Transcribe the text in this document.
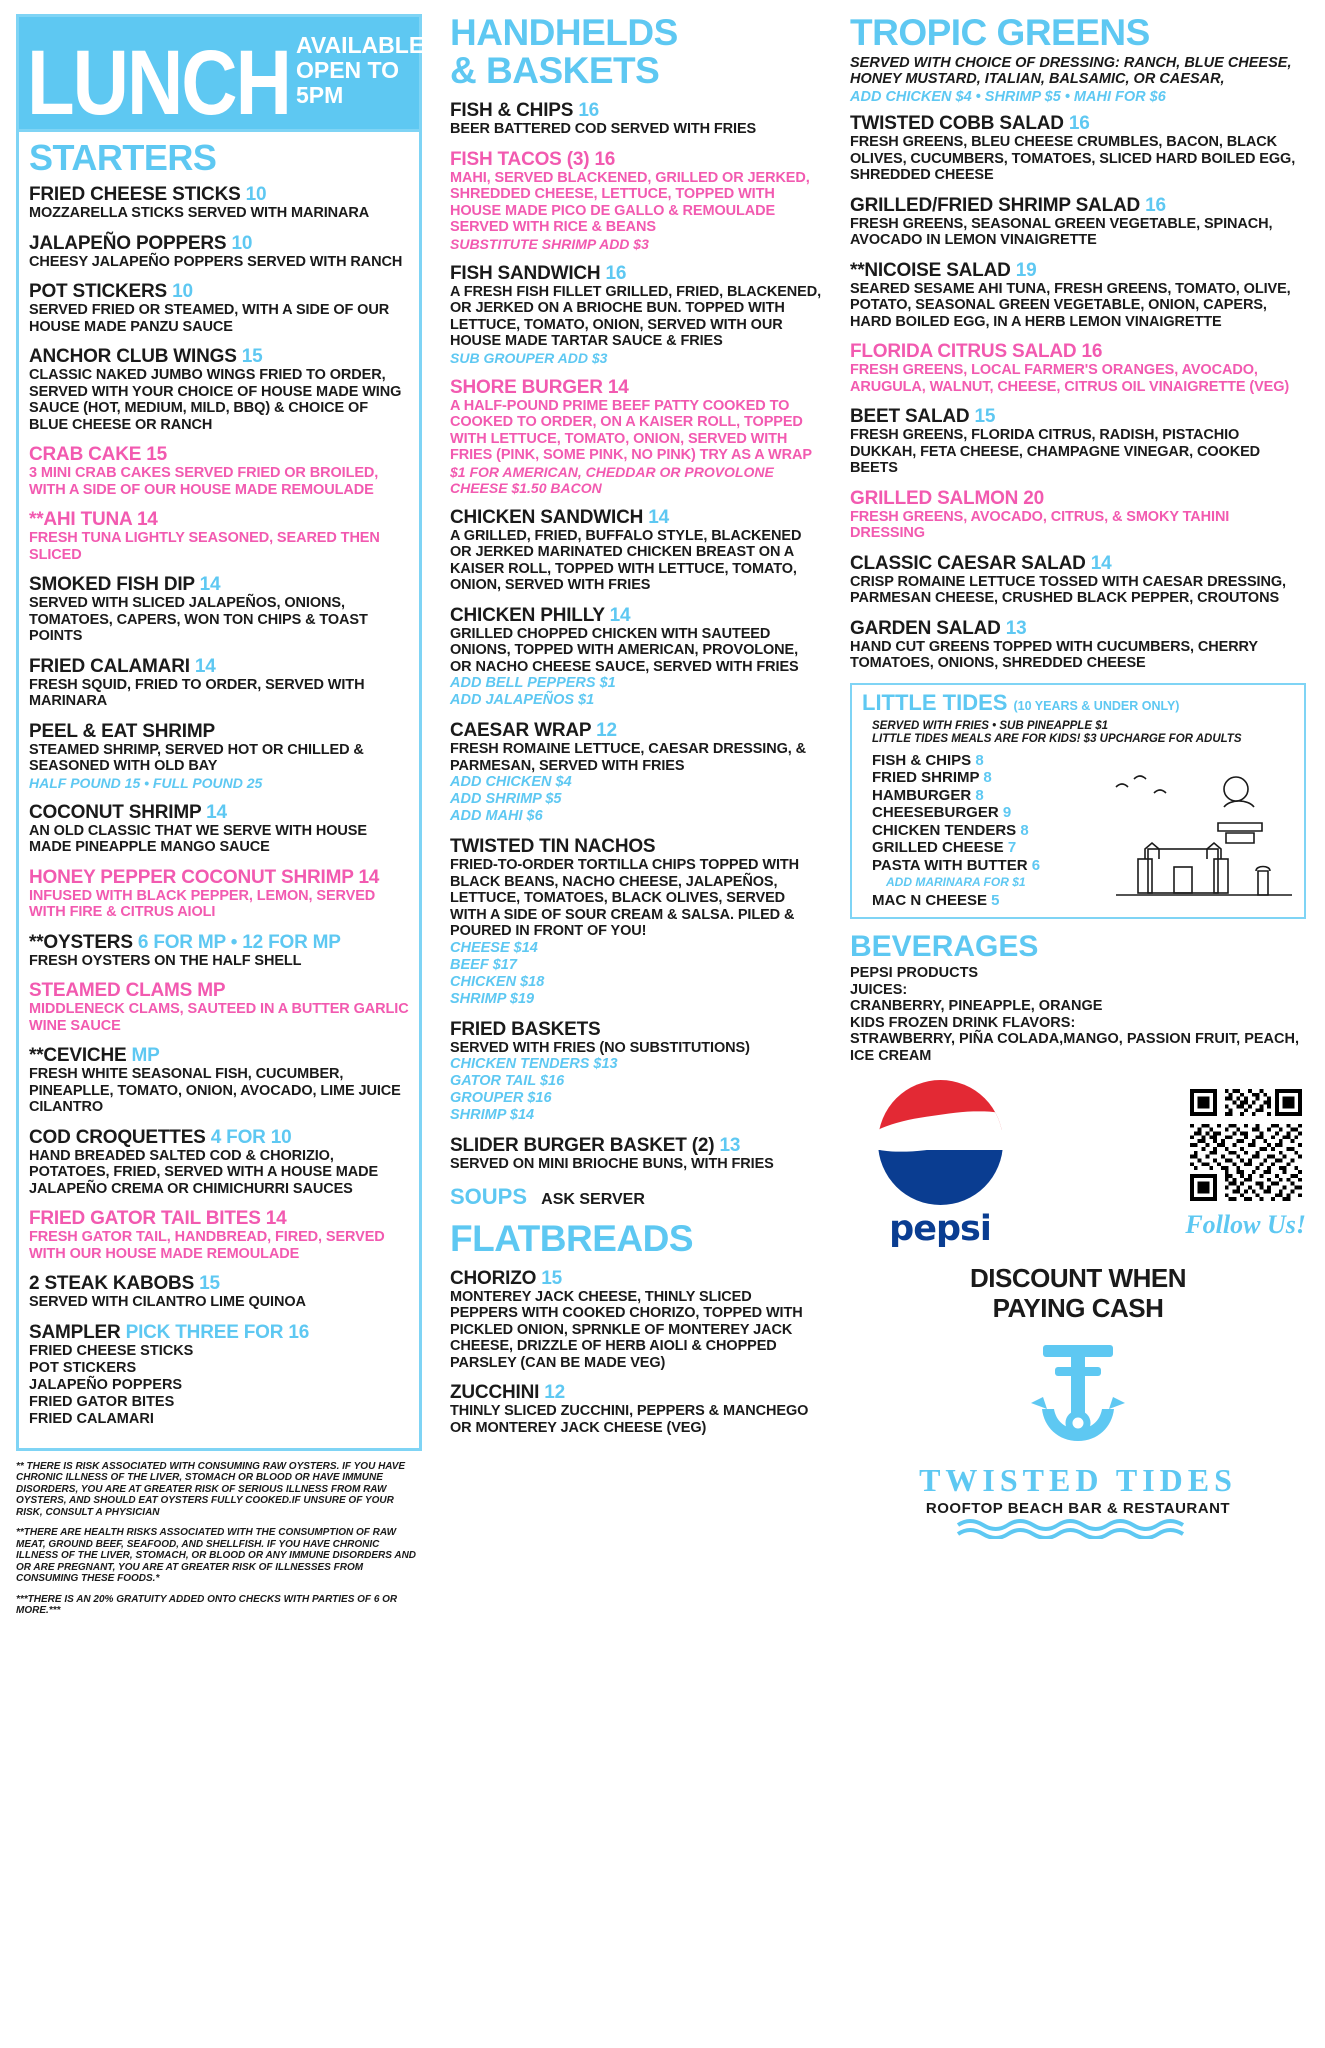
LUNCH AVAILABLE
OPEN TO
5PM
STARTERS
FRIED CHEESE STICKS 10
MOZZARELLA STICKS SERVED WITH MARINARA
JALAPEÑO POPPERS 10
CHEESY JALAPEÑO POPPERS SERVED WITH RANCH
POT STICKERS 10
SERVED FRIED OR STEAMED, WITH A SIDE OF OUR HOUSE MADE PANZU SAUCE
ANCHOR CLUB WINGS 15
CLASSIC NAKED JUMBO WINGS FRIED TO ORDER, SERVED WITH YOUR CHOICE OF HOUSE MADE WING SAUCE (HOT, MEDIUM, MILD, BBQ) & CHOICE OF BLUE CHEESE OR RANCH
CRAB CAKE 15
3 MINI CRAB CAKES SERVED FRIED OR BROILED, WITH A SIDE OF OUR HOUSE MADE REMOULADE
**AHI TUNA 14
FRESH TUNA LIGHTLY SEASONED, SEARED THEN SLICED
SMOKED FISH DIP 14
SERVED WITH SLICED JALAPEÑOS, ONIONS, TOMATOES, CAPERS, WON TON CHIPS & TOAST POINTS
FRIED CALAMARI 14
FRESH SQUID, FRIED TO ORDER, SERVED WITH MARINARA
PEEL & EAT SHRIMP
STEAMED SHRIMP, SERVED HOT OR CHILLED & SEASONED WITH OLD BAY
HALF POUND 15 • FULL POUND 25
COCONUT SHRIMP 14
AN OLD CLASSIC THAT WE SERVE WITH HOUSE MADE PINEAPPLE MANGO SAUCE
HONEY PEPPER COCONUT SHRIMP 14
INFUSED WITH BLACK PEPPER, LEMON, SERVED WITH FIRE & CITRUS AIOLI
**OYSTERS 6 FOR MP • 12 FOR MP
FRESH OYSTERS ON THE HALF SHELL
STEAMED CLAMS MP
MIDDLENECK CLAMS, SAUTEED IN A BUTTER GARLIC WINE SAUCE
**CEVICHE MP
FRESH WHITE SEASONAL FISH, CUCUMBER, PINEAPLLE, TOMATO, ONION, AVOCADO, LIME JUICE CILANTRO
COD CROQUETTES 4 FOR 10
HAND BREADED SALTED COD & CHORIZIO, POTATOES, FRIED, SERVED WITH A HOUSE MADE JALAPEÑO CREMA OR CHIMICHURRI SAUCES
FRIED GATOR TAIL BITES 14
FRESH GATOR TAIL, HANDBREAD, FIRED, SERVED WITH OUR HOUSE MADE REMOULADE
2 STEAK KABOBS 15
SERVED WITH CILANTRO LIME QUINOA
SAMPLER PICK THREE FOR 16
FRIED CHEESE STICKS
POT STICKERS
JALAPEÑO POPPERS
FRIED GATOR BITES
FRIED CALAMARI

** THERE IS RISK ASSOCIATED WITH CONSUMING RAW OYSTERS. IF YOU HAVE CHRONIC ILLNESS OF THE LIVER, STOMACH OR BLOOD OR HAVE IMMUNE DISORDERS, YOU ARE AT GREATER RISK OF SERIOUS ILLNESS FROM RAW OYSTERS, AND SHOULD EAT OYSTERS FULLY COOKED.IF UNSURE OF YOUR RISK, CONSULT A PHYSICIAN

**THERE ARE HEALTH RISKS ASSOCIATED WITH THE CONSUMPTION OF RAW MEAT, GROUND BEEF, SEAFOOD, AND SHELLFISH. IF YOU HAVE CHRONIC ILLNESS OF THE LIVER, STOMACH, OR BLOOD OR ANY IMMUNE DISORDERS AND OR ARE PREGNANT, YOU ARE AT GREATER RISK OF ILLNESSES FROM CONSUMING THESE FOODS.*

***THERE IS AN 20% GRATUITY ADDED ONTO CHECKS WITH PARTIES OF 6 OR MORE.***

HANDHELDS
& BASKETS
FISH & CHIPS 16
BEER BATTERED COD SERVED WITH FRIES
FISH TACOS (3) 16
MAHI, SERVED BLACKENED, GRILLED OR JERKED, SHREDDED CHEESE, LETTUCE, TOPPED WITH HOUSE MADE PICO DE GALLO & REMOULADE SERVED WITH RICE & BEANS
SUBSTITUTE SHRIMP ADD $3
FISH SANDWICH 16
A FRESH FISH FILLET GRILLED, FRIED, BLACKENED, OR JERKED ON A BRIOCHE BUN. TOPPED WITH LETTUCE, TOMATO, ONION, SERVED WITH OUR HOUSE MADE TARTAR SAUCE & FRIES
SUB GROUPER ADD $3
SHORE BURGER 14
A HALF-POUND PRIME BEEF PATTY COOKED TO COOKED TO ORDER, ON A KAISER ROLL, TOPPED WITH LETTUCE, TOMATO, ONION, SERVED WITH FRIES (PINK, SOME PINK, NO PINK) TRY AS A WRAP
$1 FOR AMERICAN, CHEDDAR OR PROVOLONE CHEESE $1.50 BACON
CHICKEN SANDWICH 14
A GRILLED, FRIED, BUFFALO STYLE, BLACKENED OR JERKED MARINATED CHICKEN BREAST ON A KAISER ROLL, TOPPED WITH LETTUCE, TOMATO, ONION, SERVED WITH FRIES
CHICKEN PHILLY 14
GRILLED CHOPPED CHICKEN WITH SAUTEED ONIONS, TOPPED WITH AMERICAN, PROVOLONE, OR NACHO CHEESE SAUCE, SERVED WITH FRIES
ADD BELL PEPPERS $1
ADD JALAPEÑOS $1
CAESAR WRAP 12
FRESH ROMAINE LETTUCE, CAESAR DRESSING, & PARMESAN, SERVED WITH FRIES
ADD CHICKEN $4
ADD SHRIMP $5
ADD MAHI $6
TWISTED TIN NACHOS
FRIED-TO-ORDER TORTILLA CHIPS TOPPED WITH BLACK BEANS, NACHO CHEESE, JALAPEÑOS, LETTUCE, TOMATOES, BLACK OLIVES, SERVED WITH A SIDE OF SOUR CREAM & SALSA. PILED & POURED IN FRONT OF YOU!
CHEESE $14
BEEF $17
CHICKEN $18
SHRIMP $19
FRIED BASKETS
SERVED WITH FRIES (NO SUBSTITUTIONS)
CHICKEN TENDERS $13
GATOR TAIL $16
GROUPER $16
SHRIMP $14
SLIDER BURGER BASKET (2) 13
SERVED ON MINI BRIOCHE BUNS, WITH FRIES
SOUPS ASK SERVER
FLATBREADS
CHORIZO 15
MONTEREY JACK CHEESE, THINLY SLICED PEPPERS WITH COOKED CHORIZO, TOPPED WITH PICKLED ONION, SPRNKLE OF MONTEREY JACK CHEESE, DRIZZLE OF HERB AIOLI & CHOPPED PARSLEY (CAN BE MADE VEG)
ZUCCHINI 12
THINLY SLICED ZUCCHINI, PEPPERS & MANCHEGO OR MONTEREY JACK CHEESE (VEG)
TROPIC GREENS
SERVED WITH CHOICE OF DRESSING: RANCH, BLUE CHEESE, HONEY MUSTARD, ITALIAN, BALSAMIC, OR CAESAR,
ADD CHICKEN $4 • SHRIMP $5 • MAHI FOR $6
TWISTED COBB SALAD 16
FRESH GREENS, BLEU CHEESE CRUMBLES, BACON, BLACK OLIVES, CUCUMBERS, TOMATOES, SLICED HARD BOILED EGG, SHREDDED CHEESE
GRILLED/FRIED SHRIMP SALAD 16
FRESH GREENS, SEASONAL GREEN VEGETABLE, SPINACH, AVOCADO IN LEMON VINAIGRETTE
**NICOISE SALAD 19
SEARED SESAME AHI TUNA, FRESH GREENS, TOMATO, OLIVE, POTATO, SEASONAL GREEN VEGETABLE, ONION, CAPERS, HARD BOILED EGG, IN A HERB LEMON VINAIGRETTE
FLORIDA CITRUS SALAD 16
FRESH GREENS, LOCAL FARMER'S ORANGES, AVOCADO, ARUGULA, WALNUT, CHEESE, CITRUS OIL VINAIGRETTE (VEG)
BEET SALAD 15
FRESH GREENS, FLORIDA CITRUS, RADISH, PISTACHIO DUKKAH, FETA CHEESE, CHAMPAGNE VINEGAR, COOKED BEETS
GRILLED SALMON 20
FRESH GREENS, AVOCADO, CITRUS, & SMOKY TAHINI DRESSING
CLASSIC CAESAR SALAD 14
CRISP ROMAINE LETTUCE TOSSED WITH CAESAR DRESSING, PARMESAN CHEESE, CRUSHED BLACK PEPPER, CROUTONS
GARDEN SALAD 13
HAND CUT GREENS TOPPED WITH CUCUMBERS, CHERRY TOMATOES, ONIONS, SHREDDED CHEESE
LITTLE TIDES (10 YEARS & UNDER ONLY)
SERVED WITH FRIES • SUB PINEAPPLE $1
LITTLE TIDES MEALS ARE FOR KIDS! $3 UPCHARGE FOR ADULTS
FISH & CHIPS 8
FRIED SHRIMP 8
HAMBURGER 8
CHEESEBURGER 9
CHICKEN TENDERS 8
GRILLED CHEESE 7
PASTA WITH BUTTER 6
ADD MARINARA FOR $1
MAC N CHEESE 5
BEVERAGES
PEPSI PRODUCTS
JUICES:
CRANBERRY, PINEAPPLE, ORANGE
KIDS FROZEN DRINK FLAVORS:
STRAWBERRY, PIÑA COLADA,MANGO, PASSION FRUIT, PEACH, ICE CREAM
pepsi	Follow Us!
DISCOUNT WHEN
PAYING CASH
TWISTED TIDES
ROOFTOP BEACH BAR & RESTAURANT
